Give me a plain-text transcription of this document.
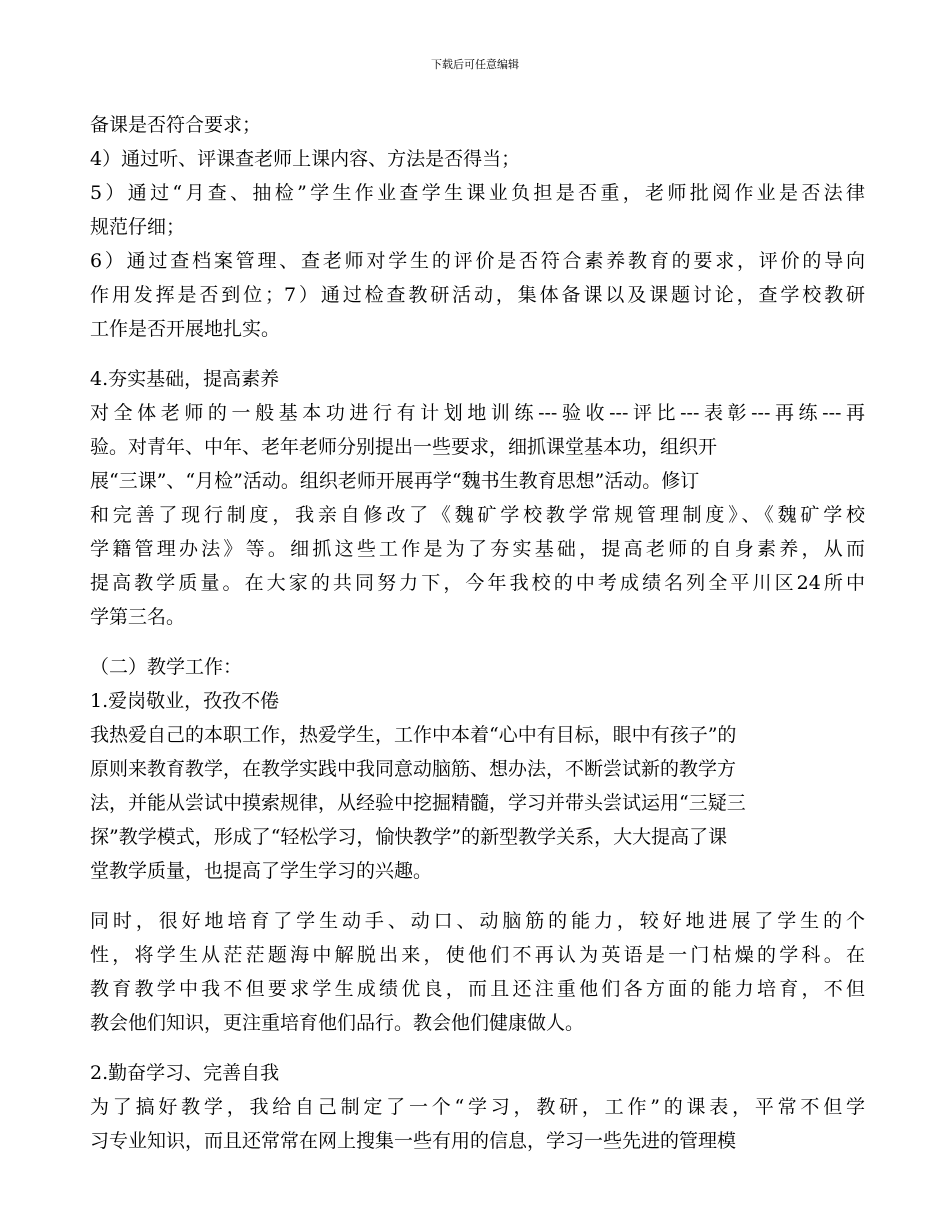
下载后可任意编辑
备课是否符合要求；
4）通过听、评课查老师上课内容、方法是否得当；
5）通过“月查、抽检”学生作业查学生课业负担是否重，老师批阅作业是否法律
规范仔细；
6）通过查档案管理、查老师对学生的评价是否符合素养教育的要求，评价的导向
作用发挥是否到位；7）通过检查教研活动，集体备课以及课题讨论，查学校教研
工作是否开展地扎实。
4.夯实基础，提高素养
对全体老师的一般基本功进行有计划地训练---验收---评比---表彰---再练---再
验。对青年、中年、老年老师分别提出一些要求，细抓课堂基本功，组织开
展“三课”、“月检”活动。组织老师开展再学“魏书生教育思想”活动。修订
和完善了现行制度，我亲自修改了《魏矿学校教学常规管理制度》、《魏矿学校
学籍管理办法》等。细抓这些工作是为了夯实基础，提高老师的自身素养，从而
提高教学质量。在大家的共同努力下，今年我校的中考成绩名列全平川区24所中
学第三名。
（二）教学工作：
1.爱岗敬业，孜孜不倦
我热爱自己的本职工作，热爱学生，工作中本着“心中有目标，眼中有孩子”的
原则来教育教学，在教学实践中我同意动脑筋、想办法，不断尝试新的教学方
法，并能从尝试中摸索规律，从经验中挖掘精髓，学习并带头尝试运用“三疑三
探”教学模式，形成了“轻松学习，愉快教学”的新型教学关系，大大提高了课
堂教学质量，也提高了学生学习的兴趣。
同时，很好地培育了学生动手、动口、动脑筋的能力，较好地进展了学生的个
性，将学生从茫茫题海中解脱出来，使他们不再认为英语是一门枯燥的学科。在
教育教学中我不但要求学生成绩优良，而且还注重他们各方面的能力培育，不但
教会他们知识，更注重培育他们品行。教会他们健康做人。
2.勤奋学习、完善自我
为了搞好教学，我给自己制定了一个“学习，教研，工作”的课表，平常不但学
习专业知识，而且还常常在网上搜集一些有用的信息，学习一些先进的管理模
